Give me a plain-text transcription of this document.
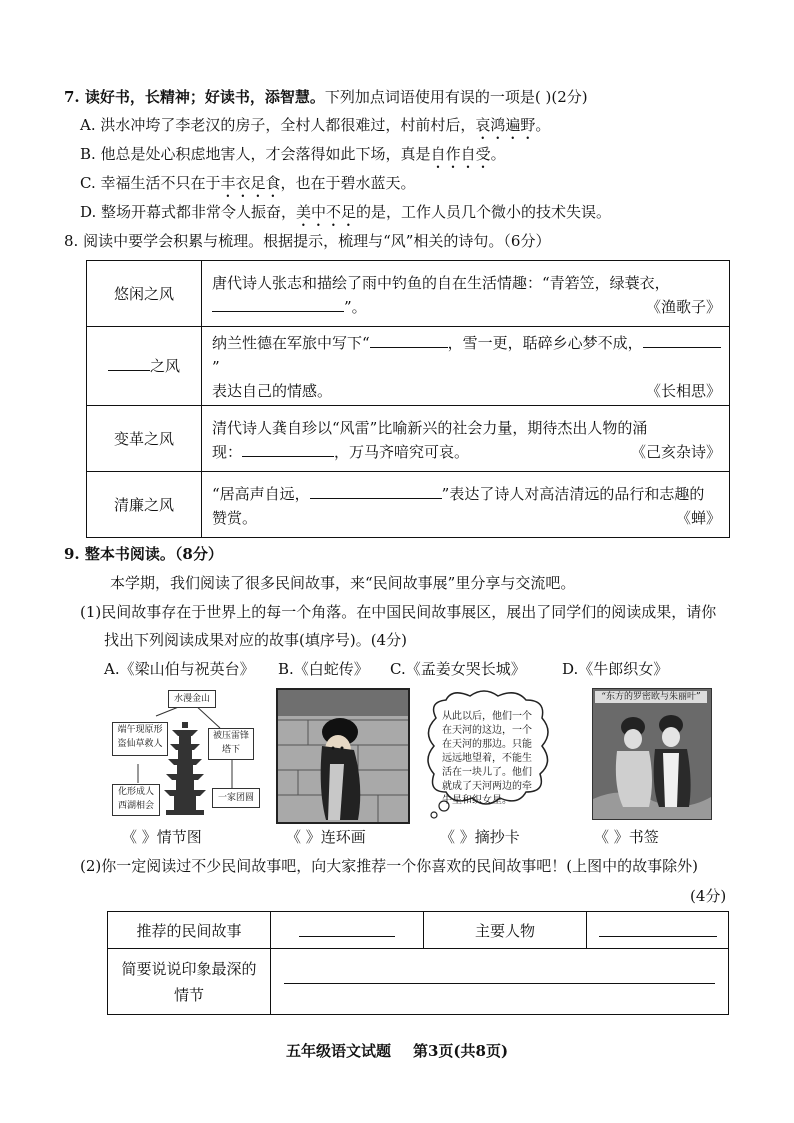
7. 读好书，长精神；好读书，添智慧。下列加点词语使用有误的一项是( )(2分)
A. 洪水冲垮了李老汉的房子，全村人都很难过，村前村后，哀鸿遍野。
B. 他总是处心积虑地害人，才会落得如此下场，真是自作自受。
C. 幸福生活不只在于丰衣足食，也在于碧水蓝天。
D. 整场开幕式都非常令人振奋，美中不足的是，工作人员几个微小的技术失误。
8. 阅读中要学会积累与梳理。根据提示，梳理与“风”相关的诗句。（6分）
悠闲之风	唐代诗人张志和描绘了雨中钓鱼的自在生活情趣：“青箬笠，绿蓑衣，
”。 《渔歌子》

之风	纳兰性德在军旅中写下“ ，雪一更，聒碎乡心梦不成，”
表达自己的情感。 《长相思》

变革之风	清代诗人龚自珍以“风雷”比喻新兴的社会力量，期待杰出人物的涌
现： ，万马齐喑究可哀。 《己亥杂诗》

清廉之风	“居高声自远， ”表达了诗人对高洁清远的品行和志趣的
赞赏。 《蝉》
9. 整本书阅读。（8分）
本学期，我们阅读了很多民间故事，来“民间故事展”里分享与交流吧。
(1)民间故事存在于世界上的每一个角落。在中国民间故事展区，展出了同学们的阅读成果，请你
找出下列阅读成果对应的故事(填序号)。(4分)
A.《梁山伯与祝英台》 B.《白蛇传》 C.《孟姜女哭长城》 D.《牛郎织女》
水漫金山
端午现原形
盗仙草救人
被压雷锋
塔下
化形成人
西湖相会
一家团圆
从此以后，他们一个在天河的这边，一个在天河的那边。只能远远地望着，不能生活在一块儿了。他们就成了天河两边的牵牛星和织女星。
“东方的罗密欧与朱丽叶”
《 》情节图	《 》连环画	《 》摘抄卡	《 》书签
(2)你一定阅读过不少民间故事吧，向大家推荐一个你喜欢的民间故事吧！(上图中的故事除外)
(4分)
推荐的民间故事		主要人物	

简要说说印象最深的
情节			

五年级语文试题 第3页(共8页)
